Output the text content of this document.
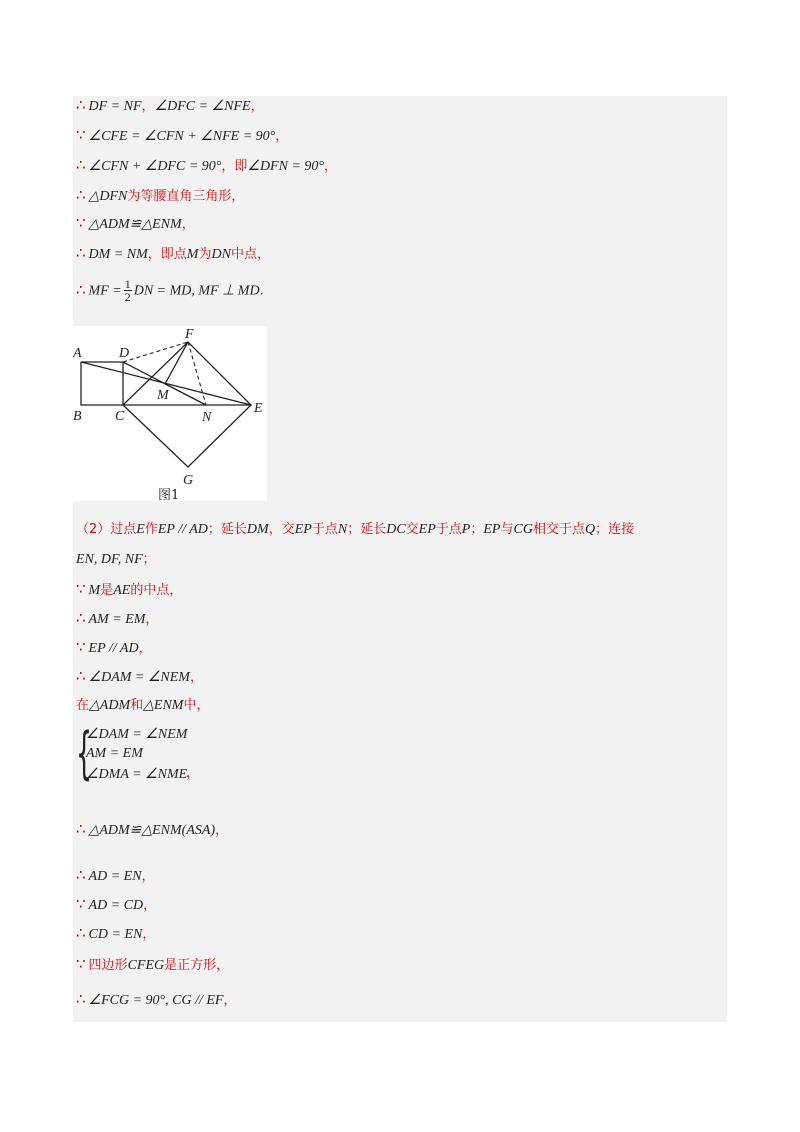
∴ DF = NF，∠DFC = ∠NFE，
∵ ∠CFE = ∠CFN + ∠NFE = 90°，
∴ ∠CFN + ∠DFC = 90°，即∠DFN = 90°，
∴ △DFN为等腰直角三角形，
∵ △ADM≌△ENM，
∴ DM = NM，即点M为DN中点，
∴ MF = $\frac{1}{2}$ DN = MD, MF ⊥ MD.
A	D
F
M
B C	N
E
G
图1
（2）过点E作EP // AD；延长DM，交EP于点N；延长DC交EP于点P；EP与CG相交于点Q；连接
EN, DF, NF；
∵ M是AE的中点，
∴ AM = EM，
∵ EP // AD，
∴ ∠DAM = ∠NEM，
在△ADM和△ENM中，
{
∠DAM = ∠NEM
AM = EM
∠DMA = ∠NME
，
∴ △ADM≌△ENM(ASA)，
∴ AD = EN，
∵ AD = CD，
∴ CD = EN，
∵ 四边形CFEG是正方形，
∴ ∠FCG = 90°, CG // EF，
